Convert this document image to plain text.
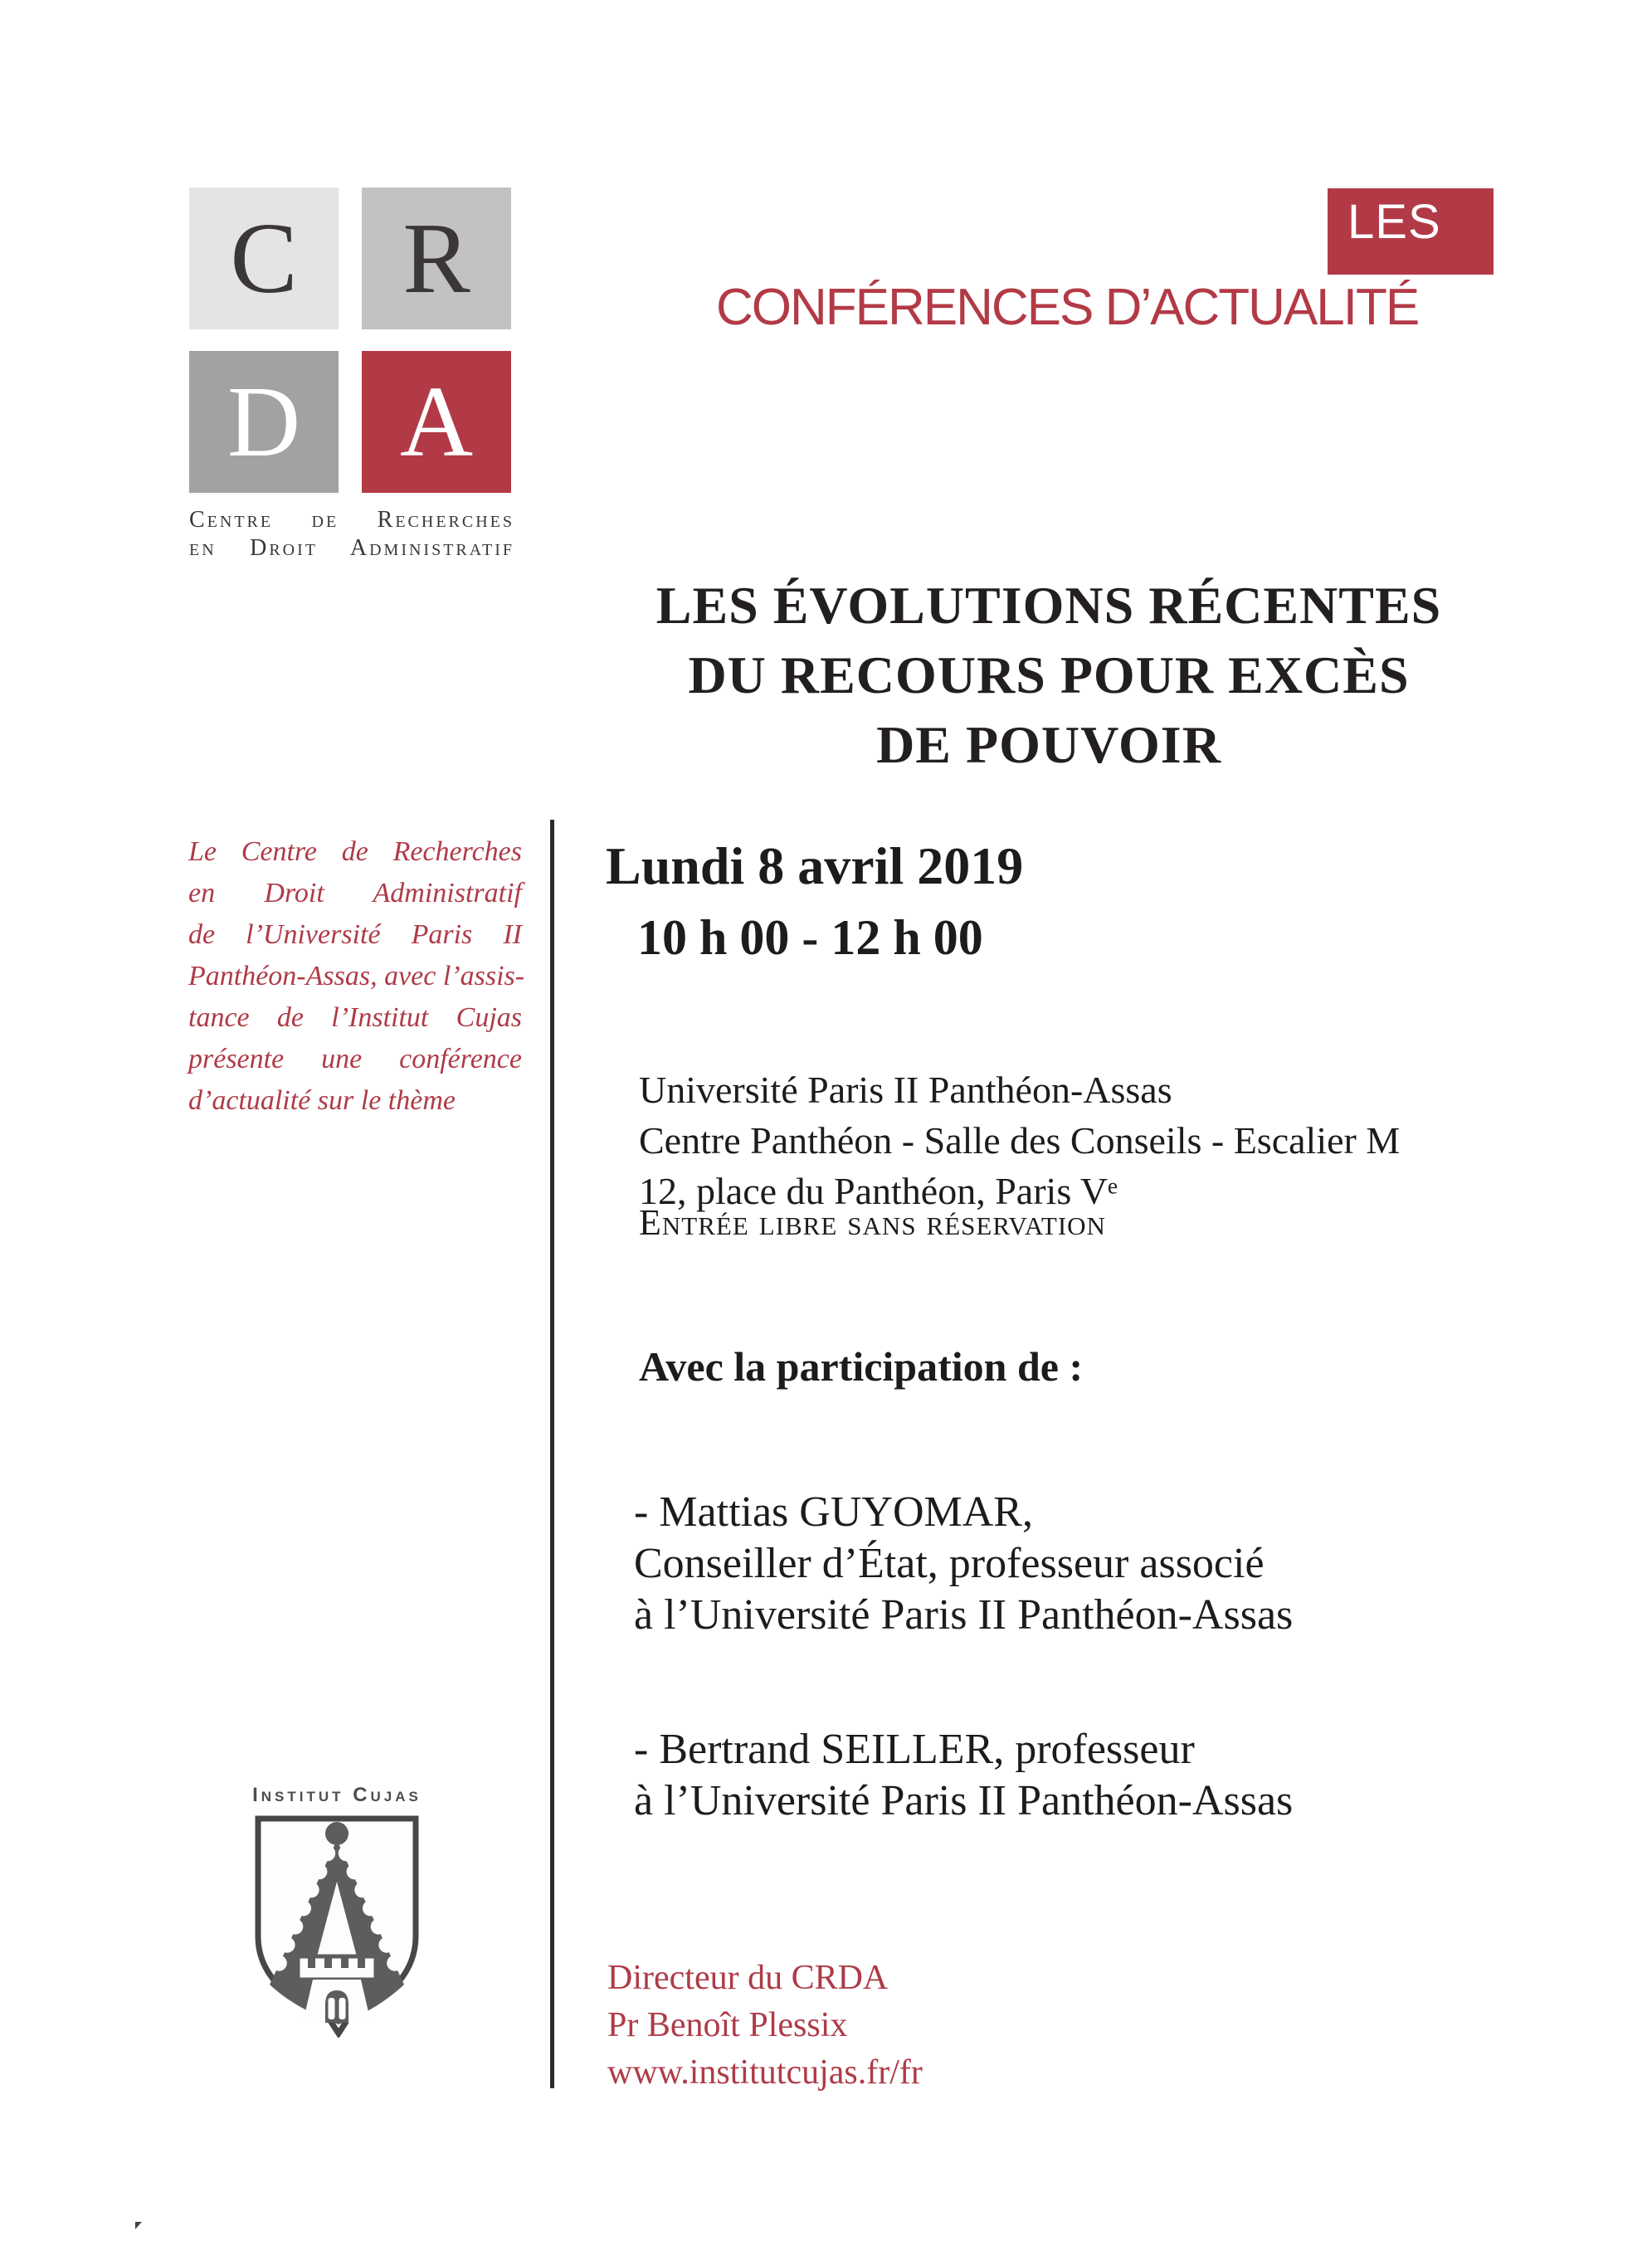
C R
D A
Centre de Recherches
en Droit Administratif
LES
CONFÉRENCES D’ACTUALITÉ
LES ÉVOLUTIONS RÉCENTES
DU RECOURS POUR EXCÈS
DE POUVOIR
Le Centre de Recherches
en Droit Administratif
de l’Université Paris II
Panthéon-Assas, avec l’assis-
tance de l’Institut Cujas
présente une conférence
d’actualité sur le thème
Lundi 8 avril 2019
10 h 00 - 12 h 00
Université Paris II Panthéon-Assas
Centre Panthéon - Salle des Conseils - Escalier M
12, place du Panthéon, Paris Vᵉ
Entrée libre sans réservation
Avec la participation de :
- Mattias GUYOMAR,
Conseiller d’État, professeur associé
à l’Université Paris II Panthéon-Assas
- Bertrand SEILLER, professeur
à l’Université Paris II Panthéon-Assas
Institut Cujas
Directeur du CRDA
Pr Benoît Plessix
www.institutcujas.fr/fr
